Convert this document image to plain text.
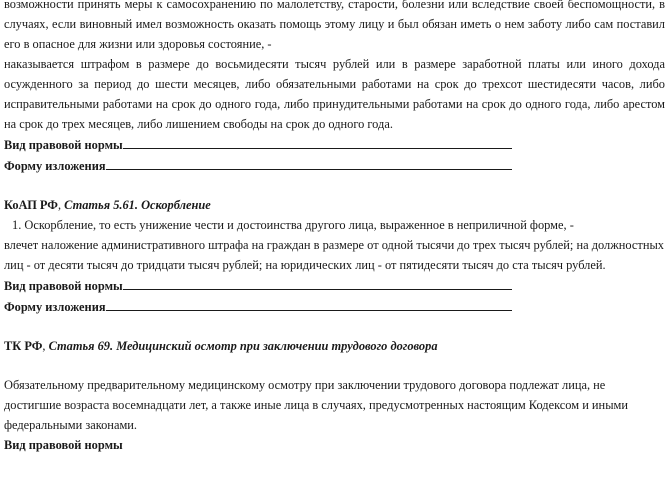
возможности принять меры к самосохранению по малолетству, старости, болезни или вследствие своей беспомощности, в случаях, если виновный имел возможность оказать помощь этому лицу и был обязан иметь о нем заботу либо сам поставил его в опасное для жизни или здоровья состояние, -
наказывается штрафом в размере до восьмидесяти тысяч рублей или в размере заработной платы или иного дохода осужденного за период до шести месяцев, либо обязательными работами на срок до трехсот шестидесяти часов, либо исправительными работами на срок до одного года, либо принудительными работами на срок до одного года, либо арестом на срок до трех месяцев, либо лишением свободы на срок до одного года.
Вид правовой нормы
Форму изложения
КоАП РФ, Статья 5.61. Оскорбление
1. Оскорбление, то есть унижение чести и достоинства другого лица, выраженное в неприличной форме, -
влечет наложение административного штрафа на граждан в размере от одной тысячи до трех тысяч рублей; на должностных лиц - от десяти тысяч до тридцати тысяч рублей; на юридических лиц - от пятидесяти тысяч до ста тысяч рублей.
Вид правовой нормы
Форму изложения
ТК РФ, Статья 69. Медицинский осмотр при заключении трудового договора
Обязательному предварительному медицинскому осмотру при заключении трудового договора подлежат лица, не достигшие возраста восемнадцати лет, а также иные лица в случаях, предусмотренных настоящим Кодексом и иными федеральными законами.
Вид правовой нормы
